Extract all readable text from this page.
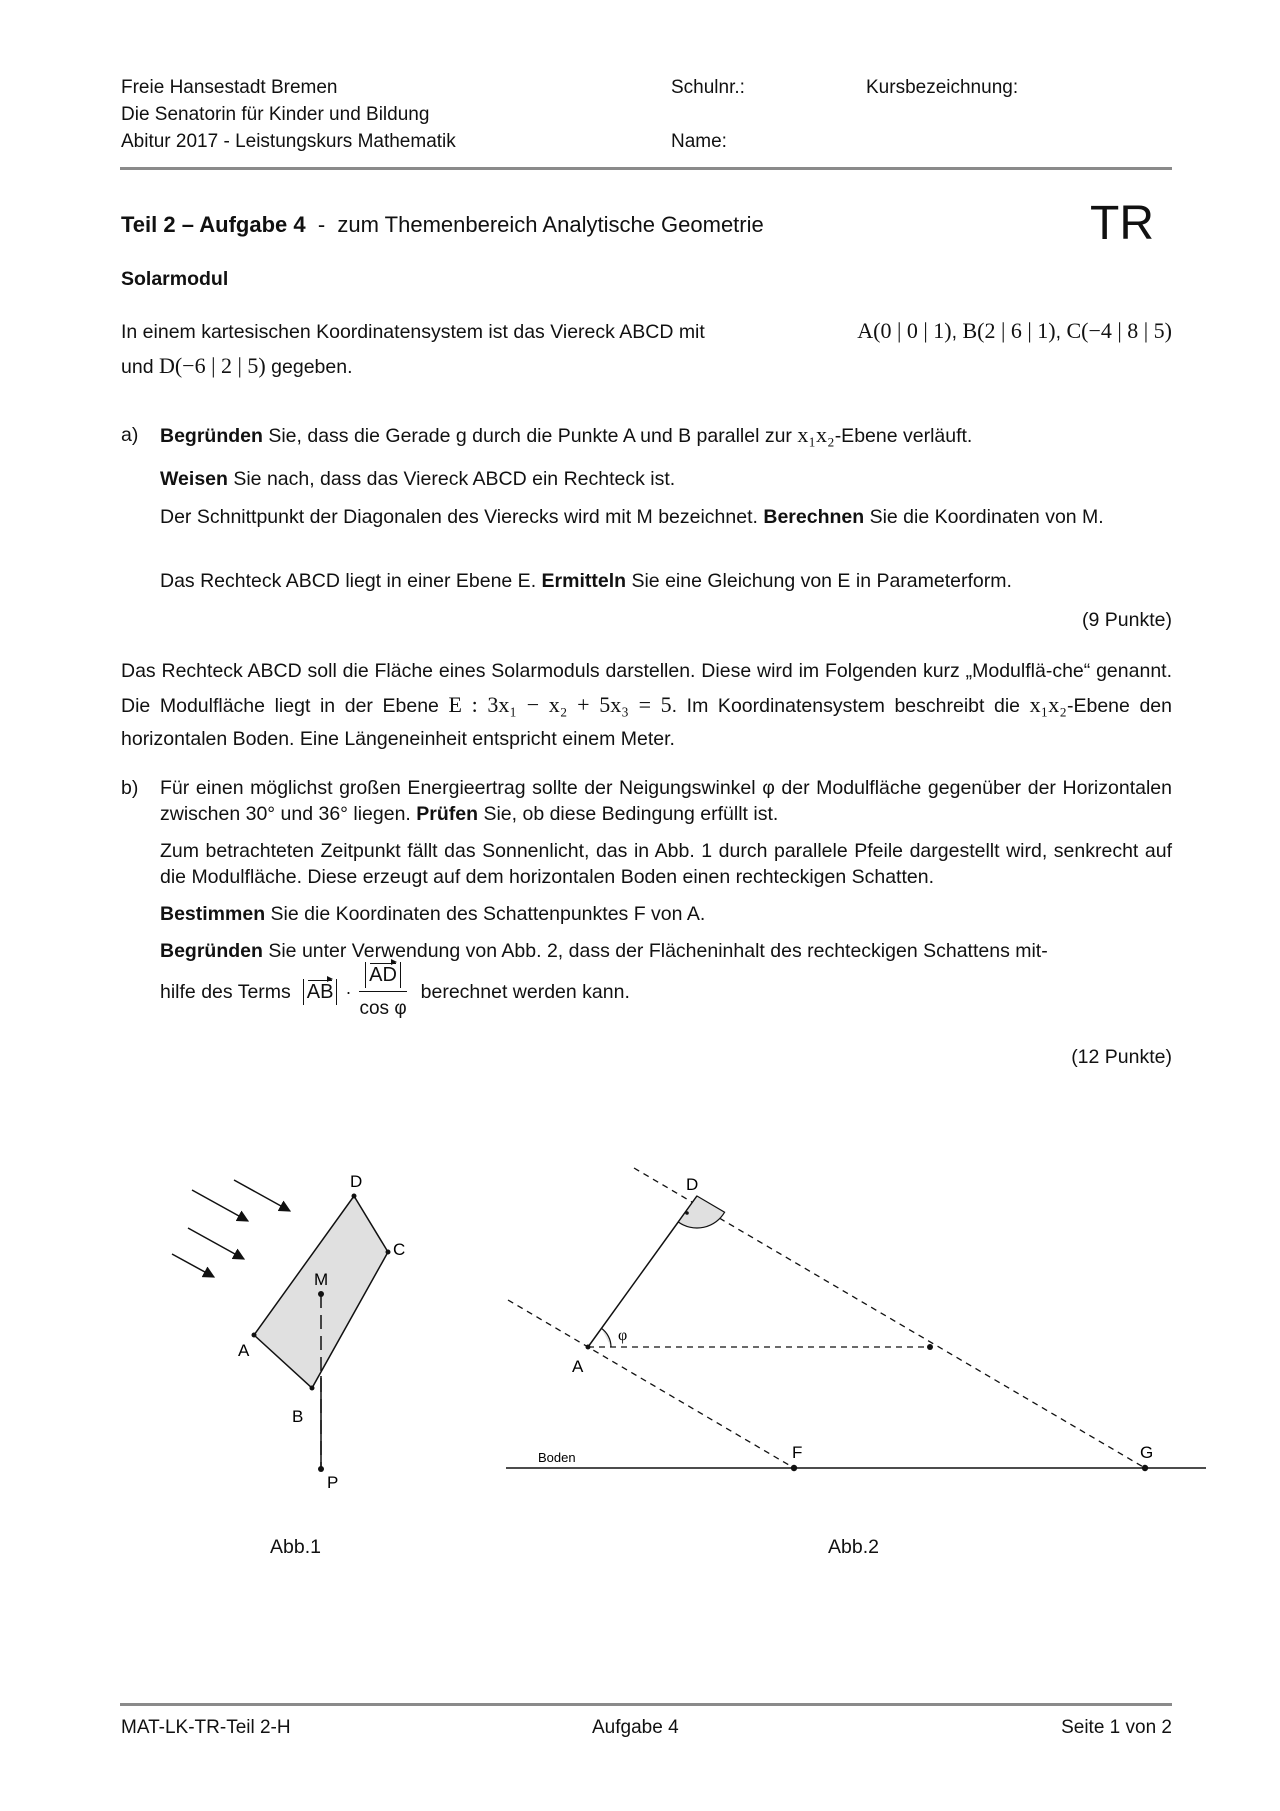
Freie Hansestadt Bremen
Die Senatorin für Kinder und Bildung
Abitur 2017 - Leistungskurs Mathematik
Schulnr.:
Name:
Kursbezeichnung:
Teil 2 – Aufgabe 4  -  zum Themenbereich Analytische Geometrie	TR
Solarmodul
In einem kartesischen Koordinatensystem ist das Viereck ABCD mit	A(0 | 0 | 1), B(2 | 6 | 1), C(−4 | 8 | 5)
und D(−6 | 2 | 5) gegeben.
a) Begründen Sie, dass die Gerade g durch die Punkte A und B parallel zur x₁x₂-Ebene verläuft.
Weisen Sie nach, dass das Viereck ABCD ein Rechteck ist.
Der Schnittpunkt der Diagonalen des Vierecks wird mit M bezeichnet. Berechnen Sie die Koordinaten von M.
Das Rechteck ABCD liegt in einer Ebene E. Ermitteln Sie eine Gleichung von E in Parameterform.
(9 Punkte)
Das Rechteck ABCD soll die Fläche eines Solarmoduls darstellen. Diese wird im Folgenden kurz „Modulflä-che“ genannt. Die Modulfläche liegt in der Ebene E : 3x₁ − x₂ + 5x₃ = 5. Im Koordinatensystem beschreibt die x₁x₂-Ebene den horizontalen Boden. Eine Längeneinheit entspricht einem Meter.
b) Für einen möglichst großen Energieertrag sollte der Neigungswinkel φ der Modulfläche gegenüber der Horizontalen zwischen 30° und 36° liegen. Prüfen Sie, ob diese Bedingung erfüllt ist.
Zum betrachteten Zeitpunkt fällt das Sonnenlicht, das in Abb. 1 durch parallele Pfeile dargestellt wird, senkrecht auf die Modulfläche. Diese erzeugt auf dem horizontalen Boden einen rechteckigen Schatten.
Bestimmen Sie die Koordinaten des Schattenpunktes F von A.
Begründen Sie unter Verwendung von Abb. 2, dass der Flächeninhalt des rechteckigen Schattens mit-
hilfe des Terms AB · $\frac{AD}{\text{cos φ}}$ berechnet werden kann.
(12 Punkte)
D
C
M
A
B
P
Abb.1
D
A
φ
F	G
Boden
Abb.2
MAT-LK-TR-Teil 2-H	Aufgabe 4	Seite 1 von 2
